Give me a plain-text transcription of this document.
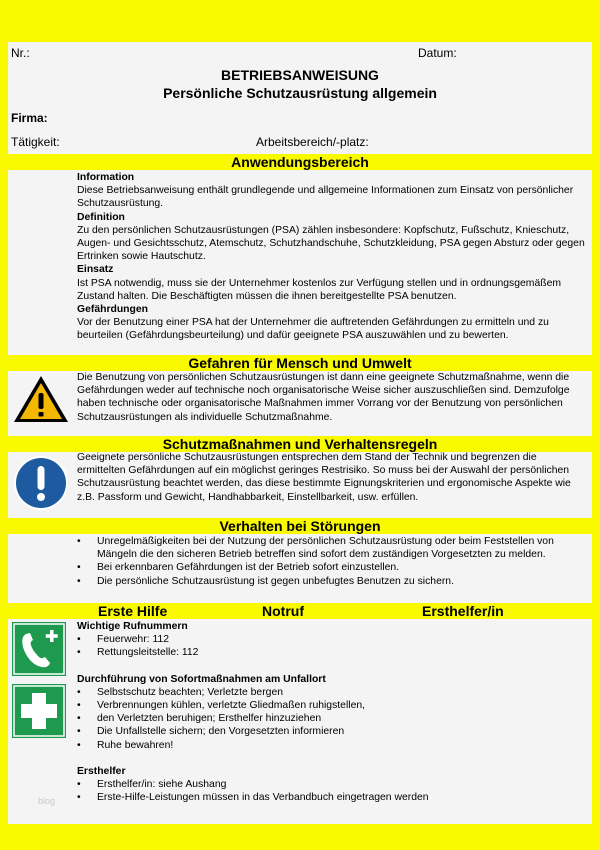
Nr.:	Datum:
BETRIEBSANWEISUNG
Persönliche Schutzausrüstung allgemein
Firma:
Tätigkeit:	Arbeitsbereich/-platz:
Anwendungsbereich
Information
Diese Betriebsanweisung enthält grundlegende und allgemeine Informationen zum Einsatz von persönlicher Schutzausrüstung.
Definition
Zu den persönlichen Schutzausrüstungen (PSA) zählen insbesondere: Kopfschutz, Fußschutz, Knieschutz, Augen- und Gesichtsschutz, Atemschutz, Schutzhandschuhe, Schutzkleidung, PSA gegen Absturz oder gegen Ertrinken sowie Hautschutz.
Einsatz
Ist PSA notwendig, muss sie der Unternehmer kostenlos zur Verfügung stellen und in ordnungsgemäßem Zustand halten. Die Beschäftigten müssen die ihnen bereitgestellte PSA benutzen.
Gefährdungen
Vor der Benutzung einer PSA hat der Unternehmer die auftretenden Gefährdungen zu ermitteln und zu beurteilen (Gefährdungsbeurteilung) und dafür geeignete PSA auszuwählen und zu bewerten.
Gefahren für Mensch und Umwelt
Die Benutzung von persönlichen Schutzausrüstungen ist dann eine geeignete Schutzmaßnahme, wenn die Gefährdungen weder auf technische noch organisatorische Weise sicher auszuschließen sind. Demzufolge haben technische oder organisatorische Maßnahmen immer Vorrang vor der Benutzung von persönlichen Schutzausrüstungen als individuelle Schutzmaßnahme.
Schutzmaßnahmen und Verhaltensregeln
Geeignete persönliche Schutzausrüstungen entsprechen dem Stand der Technik und begrenzen die ermittelten Gefährdungen auf ein möglichst geringes Restrisiko. So muss bei der Auswahl der persönlichen Schutzausrüstung beachtet werden, das diese bestimmte Eignungskriterien und ergonomische Aspekte wie z.B. Passform und Gewicht, Handhabbarkeit, Einstellbarkeit, usw. erfüllen.
Verhalten bei Störungen
• Unregelmäßigkeiten bei der Nutzung der persönlichen Schutzausrüstung oder beim Feststellen von Mängeln die den sicheren Betrieb betreffen sind sofort dem zuständigen Vorgesetzten zu melden.
• Bei erkennbaren Gefährdungen ist der Betrieb sofort einzustellen.
• Die persönliche Schutzausrüstung ist gegen unbefugtes Benutzen zu sichern.
Erste Hilfe	Notruf	Ersthelfer/in
Wichtige Rufnummern
• Feuerwehr: 112
• Rettungsleitstelle: 112
Durchführung von Sofortmaßnahmen am Unfallort
• Selbstschutz beachten; Verletzte bergen
• Verbrennungen kühlen, verletzte Gliedmaßen ruhigstellen,
• den Verletzten beruhigen; Ersthelfer hinzuziehen
• Die Unfallstelle sichern; den Vorgesetzten informieren
• Ruhe bewahren!
Ersthelfer
• Ersthelfer/in: siehe Aushang
• Erste-Hilfe-Leistungen müssen in das Verbandbuch eingetragen werden
blog
